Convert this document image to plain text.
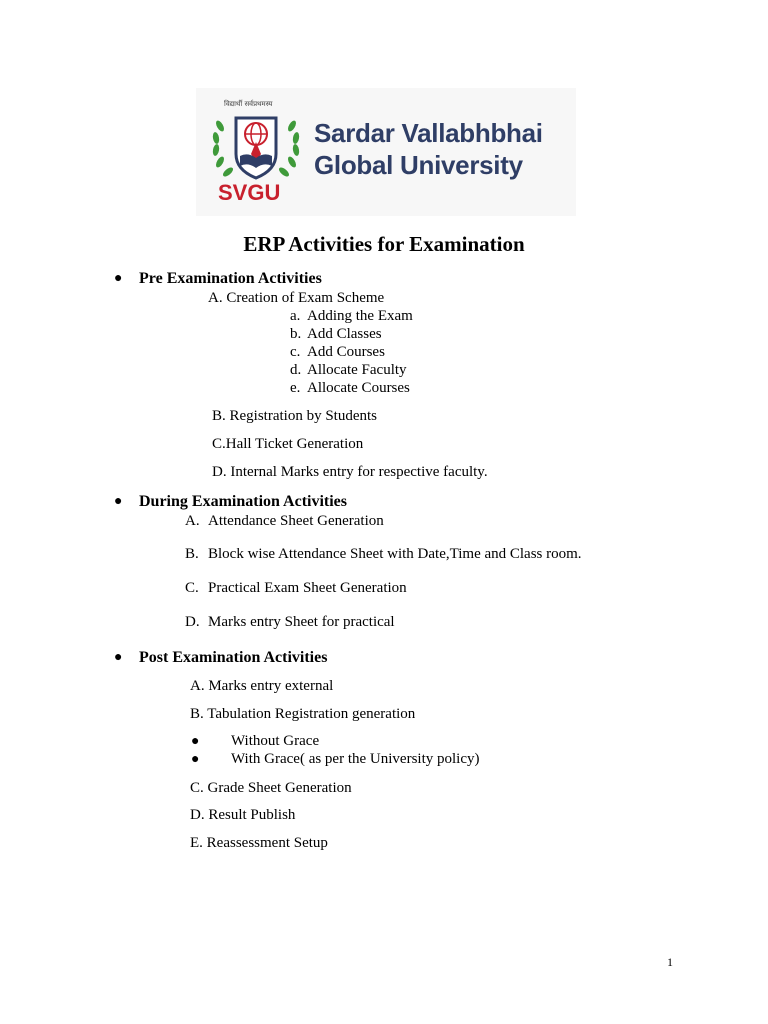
विद्यार्थी सर्वप्रथमस्य
Sardar Vallabhbhai
Global University
SVGU
ERP Activities for Examination
● Pre Examination Activities
A. Creation of Exam Scheme
a. Adding the Exam
b. Add Classes
c. Add Courses
d. Allocate Faculty
e. Allocate Courses
B. Registration by Students
C.Hall Ticket Generation
D. Internal Marks entry for respective faculty.
● During Examination Activities
A. Attendance Sheet Generation
B. Block wise Attendance Sheet with Date,Time and Class room.
C. Practical Exam Sheet Generation
D. Marks entry Sheet for practical
● Post Examination Activities
A. Marks entry external
B. Tabulation Registration generation
● Without Grace
● With Grace( as per the University policy)
C. Grade Sheet Generation
D. Result Publish
E. Reassessment Setup
1
